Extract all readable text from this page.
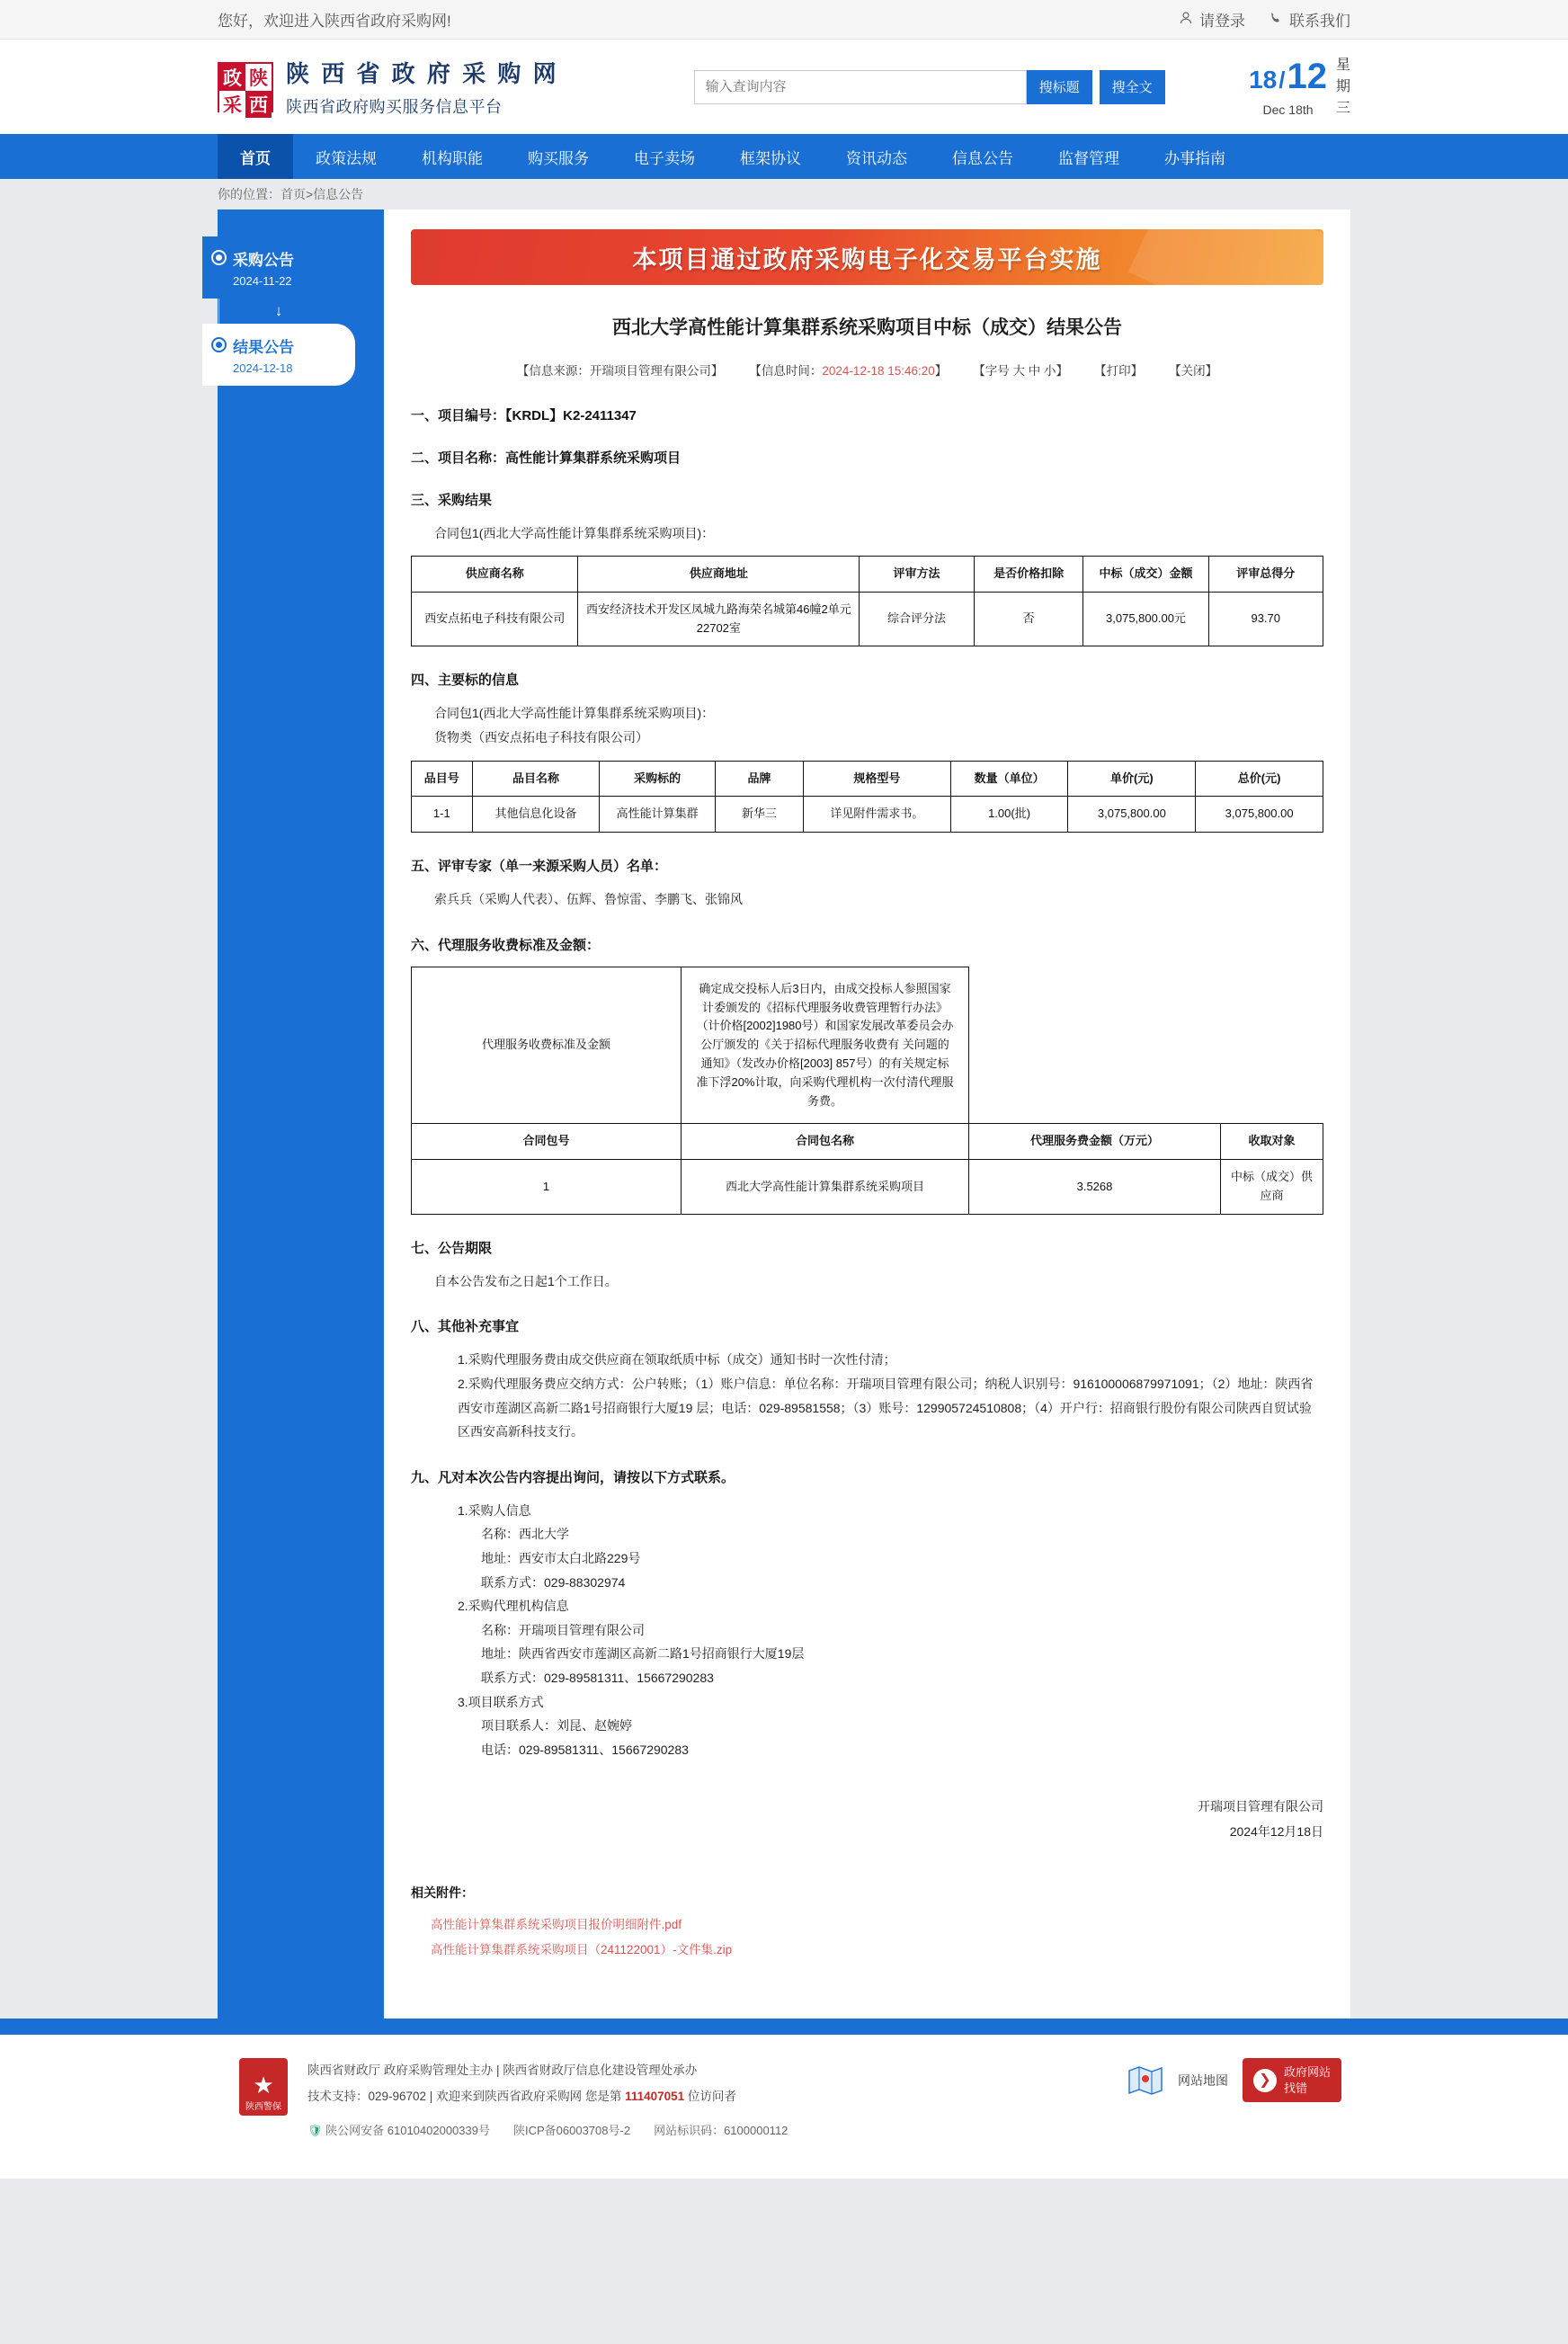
您好，欢迎进入陕西省政府采购网!	请登录	联系我们
政 陕
采 西
陕 西 省 政 府 采 购 网
陕西省政府购买服务信息平台
输入查询内容
搜标题	搜全文	18 / 12
Dec 18th
星
期
三
首页	政策法规	机构职能	购买服务	电子卖场	框架协议	资讯动态	信息公告	监督管理	办事指南
你的位置： 首页 > 信息公告
采购公告
2024-11-22
↓
结果公告
2024-12-18
本项目通过政府采购电子化交易平台实施
西北大学高性能计算集群系统采购项目中标（成交）结果公告
【信息来源：开瑞项目管理有限公司】 　 【信息时间：2024-12-18 15:46:20】 　 【字号 大 中 小】 　 【打印】 　 【关闭】
一、项目编号：【KRDL】K2-2411347
二、项目名称：高性能计算集群系统采购项目
三、采购结果
合同包1(西北大学高性能计算集群系统采购项目)：
供应商名称	供应商地址	评审方法	是否价格扣除	中标（成交）金额	评审总得分
西安点拓电子科技有限公司	西安经济技术开发区凤城九路海荣名城第46幢2单元22702室	综合评分法	否	3,075,800.00元	93.70
四、主要标的信息
合同包1(西北大学高性能计算集群系统采购项目)：
货物类（西安点拓电子科技有限公司）
品目号	品目名称	采购标的	品牌	规格型号	数量（单位）	单价(元)	总价(元)
1-1	其他信息化设备	高性能计算集群	新华三	详见附件需求书。	1.00(批)	3,075,800.00	3,075,800.00
五、评审专家（单一来源采购人员）名单：
索兵兵（采购人代表）、伍辉、鲁惊雷、李鹏飞、张锦风
六、代理服务收费标准及金额：
代理服务收费标准及金额	确定成交投标人后3日内，由成交投标人参照国家计委颁发的《招标代理服务收费管理暂行办法》（计价格[2002]1980号）和国家发展改革委员会办公厅颁发的《关于招标代理服务收费有 关问题的通知》（发改办价格[2003] 857号）的有关规定标准下浮20%计取，向采购代理机构一次付清代理服务费。		
合同包号	合同包名称	代理服务费金额（万元）	收取对象
1	西北大学高性能计算集群系统采购项目	3.5268	中标（成交）供应商
七、公告期限
自本公告发布之日起1个工作日。
八、其他补充事宜
1.采购代理服务费由成交供应商在领取纸质中标（成交）通知书时一次性付清；
2.采购代理服务费应交纳方式：公户转账；（1）账户信息：单位名称：开瑞项目管理有限公司；纳税人识别号：916100006879971091；（2）地址：陕西省西安市莲湖区高新二路1号招商银行大厦19 层；电话：029-89581558；（3）账号：129905724510808；（4）开户行：招商银行股份有限公司陕西自贸试验区西安高新科技支行。
九、凡对本次公告内容提出询问，请按以下方式联系。
1.采购人信息
名称：西北大学
地址：西安市太白北路229号
联系方式：029-88302974
2.采购代理机构信息
名称：开瑞项目管理有限公司
地址：陕西省西安市莲湖区高新二路1号招商银行大厦19层
联系方式：029-89581311、15667290283
3.项目联系方式
项目联系人：刘昆、赵婉婷
电话：029-89581311、15667290283
开瑞项目管理有限公司
2024年12月18日
相关附件：
高性能计算集群系统采购项目报价明细附件.pdf
高性能计算集群系统采购项目（241122001）-文件集.zip
★
陕西警保
陕西省财政厅 政府采购管理处主办 | 陕西省财政厅信息化建设管理处承办
技术支持：029-96702 | 欢迎来到陕西省政府采购网 您是第 111407051 位访问者
🛡 陕公网安备 61010402000339号 陕ICP备06003708号-2 网站标识码：6100000112
网站地图	❯
政府网站
找错
